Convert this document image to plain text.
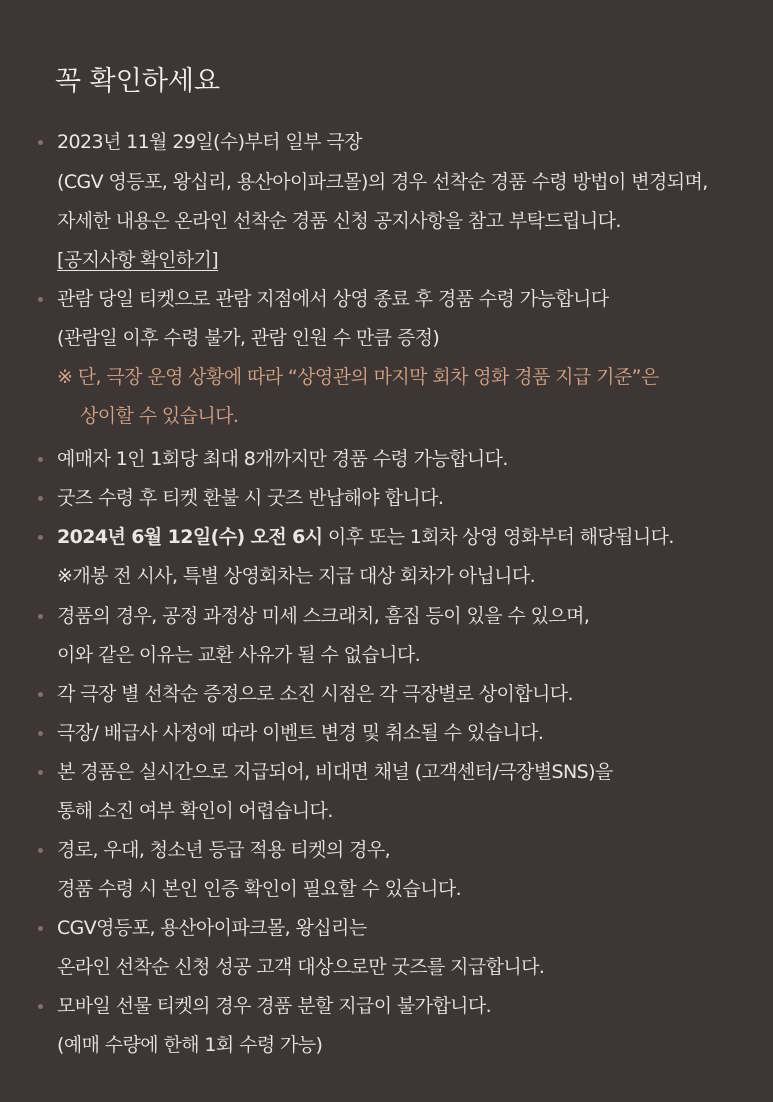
꼭 확인하세요
2023년 11월 29일(수)부터 일부 극장
(CGV 영등포, 왕십리, 용산아이파크몰)의 경우 선착순 경품 수령 방법이 변경되며,
자세한 내용은 온라인 선착순 경품 신청 공지사항을 참고 부탁드립니다.
[공지사항 확인하기]
관람 당일 티켓으로 관람 지점에서 상영 종료 후 경품 수령 가능합니다
(관람일 이후 수령 불가, 관람 인원 수 만큼 증정)
※ 단, 극장 운영 상황에 따라 “상영관의 마지막 회차 영화 경품 지급 기준”은
상이할 수 있습니다.
예매자 1인 1회당 최대 8개까지만 경품 수령 가능합니다.
굿즈 수령 후 티켓 환불 시 굿즈 반납해야 합니다.
2024년 6월 12일(수) 오전 6시 이후 또는 1회차 상영 영화부터 해당됩니다.
※개봉 전 시사, 특별 상영회차는 지급 대상 회차가 아닙니다.
경품의 경우, 공정 과정상 미세 스크래치, 흠집 등이 있을 수 있으며,
이와 같은 이유는 교환 사유가 될 수 없습니다.
각 극장 별 선착순 증정으로 소진 시점은 각 극장별로 상이합니다.
극장/ 배급사 사정에 따라 이벤트 변경 및 취소될 수 있습니다.
본 경품은 실시간으로 지급되어, 비대면 채널 (고객센터/극장별SNS)을
통해 소진 여부 확인이 어렵습니다.
경로, 우대, 청소년 등급 적용 티켓의 경우,
경품 수령 시 본인 인증 확인이 필요할 수 있습니다.
CGV영등포, 용산아이파크몰, 왕십리는
온라인 선착순 신청 성공 고객 대상으로만 굿즈를 지급합니다.
모바일 선물 티켓의 경우 경품 분할 지급이 불가합니다.
(예매 수량에 한해 1회 수령 가능)
